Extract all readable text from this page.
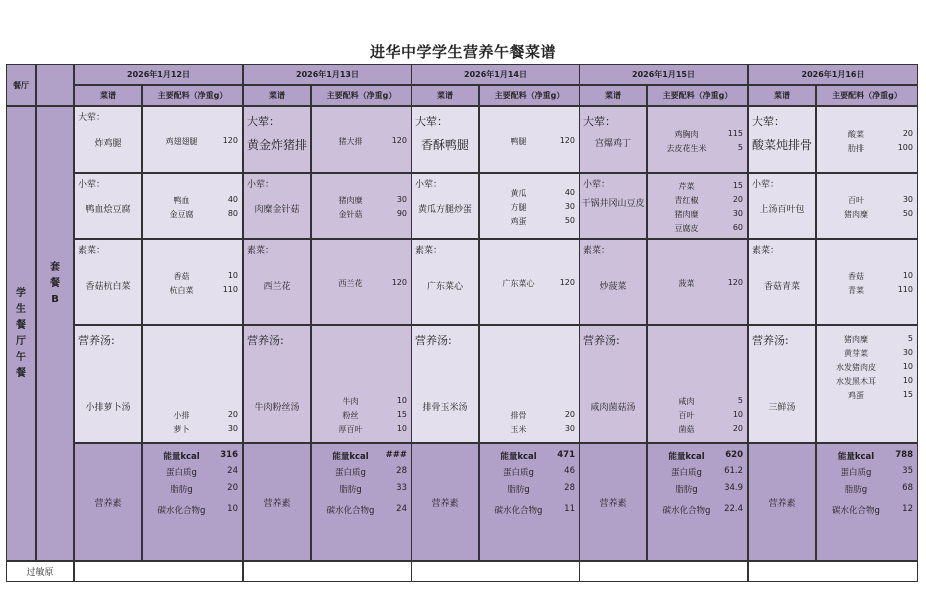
进华中学学生营养午餐菜谱
餐厅
学
生
餐
厅
午
餐
套
餐
B
过敏原
2026年1月12日
菜谱	主要配料（净重g）
大荤：
炸鸡腿	鸡翅翅腿	120
小荤：
鸭血烩豆腐
鸭血	40
金豆腐	80
素菜：
香菇杭白菜
香菇	10
杭白菜	110
营养汤:
小排萝卜汤
小排	20
萝卜	30
营养素
能量kcal	316
蛋白质g	24
脂肪g	20
碳水化合物g	10
2026年1月13日
菜谱	主要配料（净重g）
大荤：
黄金炸猪排	猪大排	120
小荤：
肉糜金针菇
猪肉糜	30
金针菇	90
素菜：
西兰花	西兰花	120
营养汤:
牛肉粉丝汤
牛肉	10
粉丝	15
厚百叶	10
营养素
能量kcal	###
蛋白质g	28
脂肪g	33
碳水化合物g	24
2026年1月14日
菜谱	主要配料（净重g）
大荤：
香酥鸭腿	鸭腿	120
小荤：
黄瓜方腿炒蛋
黄瓜	40
方腿	30
鸡蛋	50
素菜：
广东菜心	广东菜心	120
营养汤:
排骨玉米汤
排骨	20
玉米	30
营养素
能量kcal	471
蛋白质g	46
脂肪g	28
碳水化合物g	11
2026年1月15日
菜谱	主要配料（净重g）
大荤：
宫爆鸡丁
鸡胸肉	115
去皮花生米	5
小荤：
干锅井冈山豆皮
芹菜	15
青红椒	20
猪肉糜	30
豆腐皮	60
素菜：
炒菠菜	菠菜	120
营养汤:
咸肉菌菇汤
咸肉	5
百叶	10
菌菇	20
营养素
能量kcal	620
蛋白质g	61.2
脂肪g	34.9
碳水化合物g	22.4
2026年1月16日
菜谱	主要配料（净重g）
大荤：
酸菜炖排骨
酸菜	20
肋排	100
小荤：
上汤百叶包
百叶	30
猪肉糜	50
素菜：
香菇青菜
香菇	10
青菜	110
营养汤:
三鲜汤
猪肉糜	5
黄芽菜	30
水发猪肉皮	10
水发黑木耳	10
鸡蛋	15
营养素
能量kcal	788
蛋白质g	35
脂肪g	68
碳水化合物g	12
